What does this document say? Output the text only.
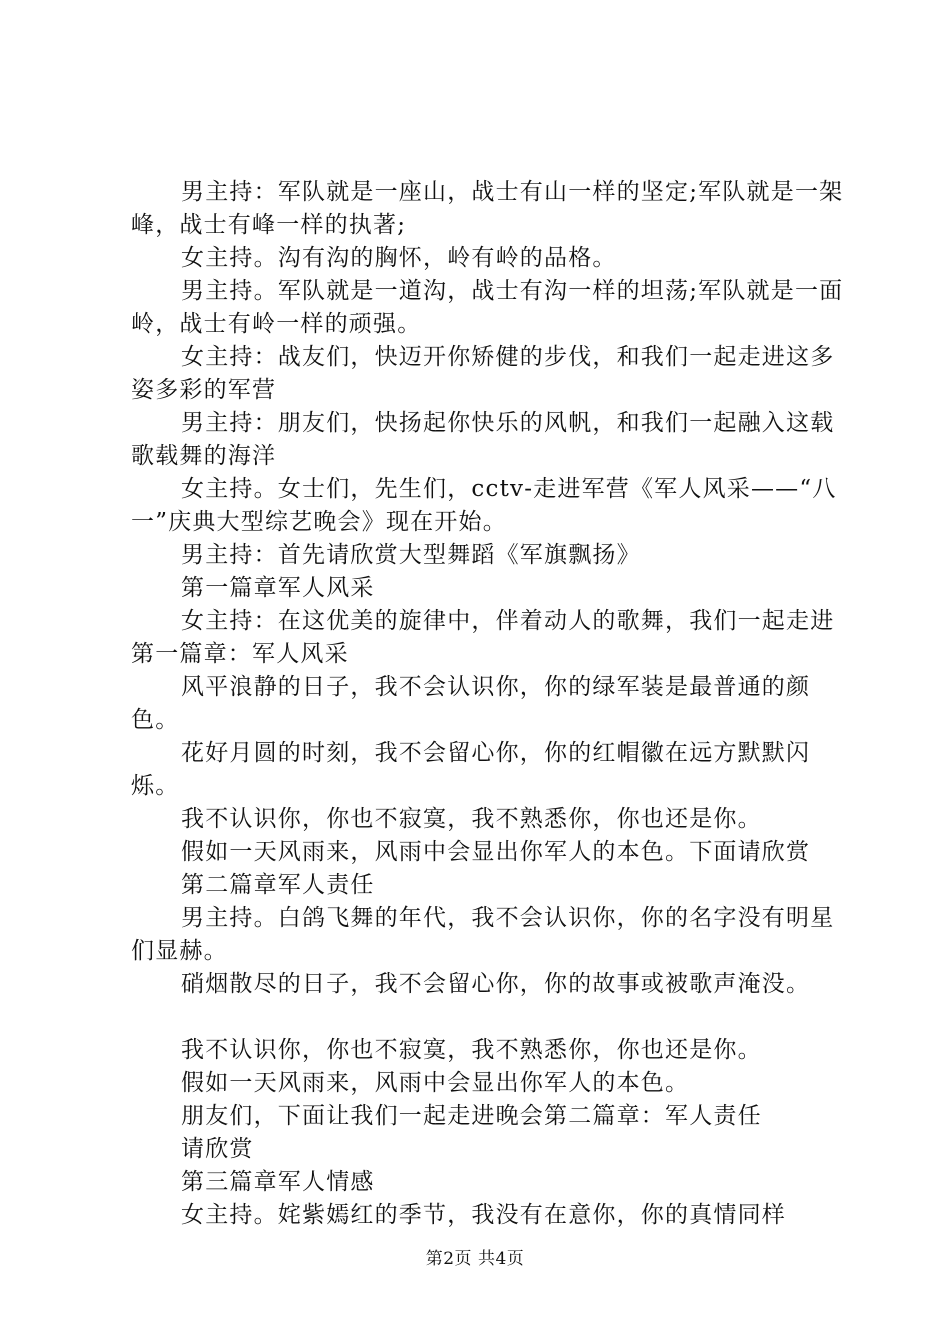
男主持：军队就是一座山，战士有山一样的坚定;军队就是一架峰，战士有峰一样的执著;

女主持。沟有沟的胸怀，岭有岭的品格。

男主持。军队就是一道沟，战士有沟一样的坦荡;军队就是一面岭，战士有岭一样的顽强。

女主持：战友们，快迈开你矫健的步伐，和我们一起走进这多姿多彩的军营

男主持：朋友们，快扬起你快乐的风帆，和我们一起融入这载歌载舞的海洋

女主持。女士们，先生们，cctv-走进军营《军人风采——“八一”庆典大型综艺晚会》现在开始。

男主持：首先请欣赏大型舞蹈《军旗飘扬》

第一篇章军人风采

女主持：在这优美的旋律中，伴着动人的歌舞，我们一起走进第一篇章：军人风采

风平浪静的日子，我不会认识你，你的绿军装是最普通的颜色。

花好月圆的时刻，我不会留心你，你的红帽徽在远方默默闪烁。

我不认识你，你也不寂寞，我不熟悉你，你也还是你。

假如一天风雨来，风雨中会显出你军人的本色。下面请欣赏

第二篇章军人责任

男主持。白鸽飞舞的年代，我不会认识你，你的名字没有明星们显赫。

硝烟散尽的日子，我不会留心你，你的故事或被歌声淹没。

我不认识你，你也不寂寞，我不熟悉你，你也还是你。

假如一天风雨来，风雨中会显出你军人的本色。

朋友们，下面让我们一起走进晚会第二篇章：军人责任

请欣赏

第三篇章军人情感

女主持。姹紫嫣红的季节，我没有在意你，你的真情同样

第2页 共4页
